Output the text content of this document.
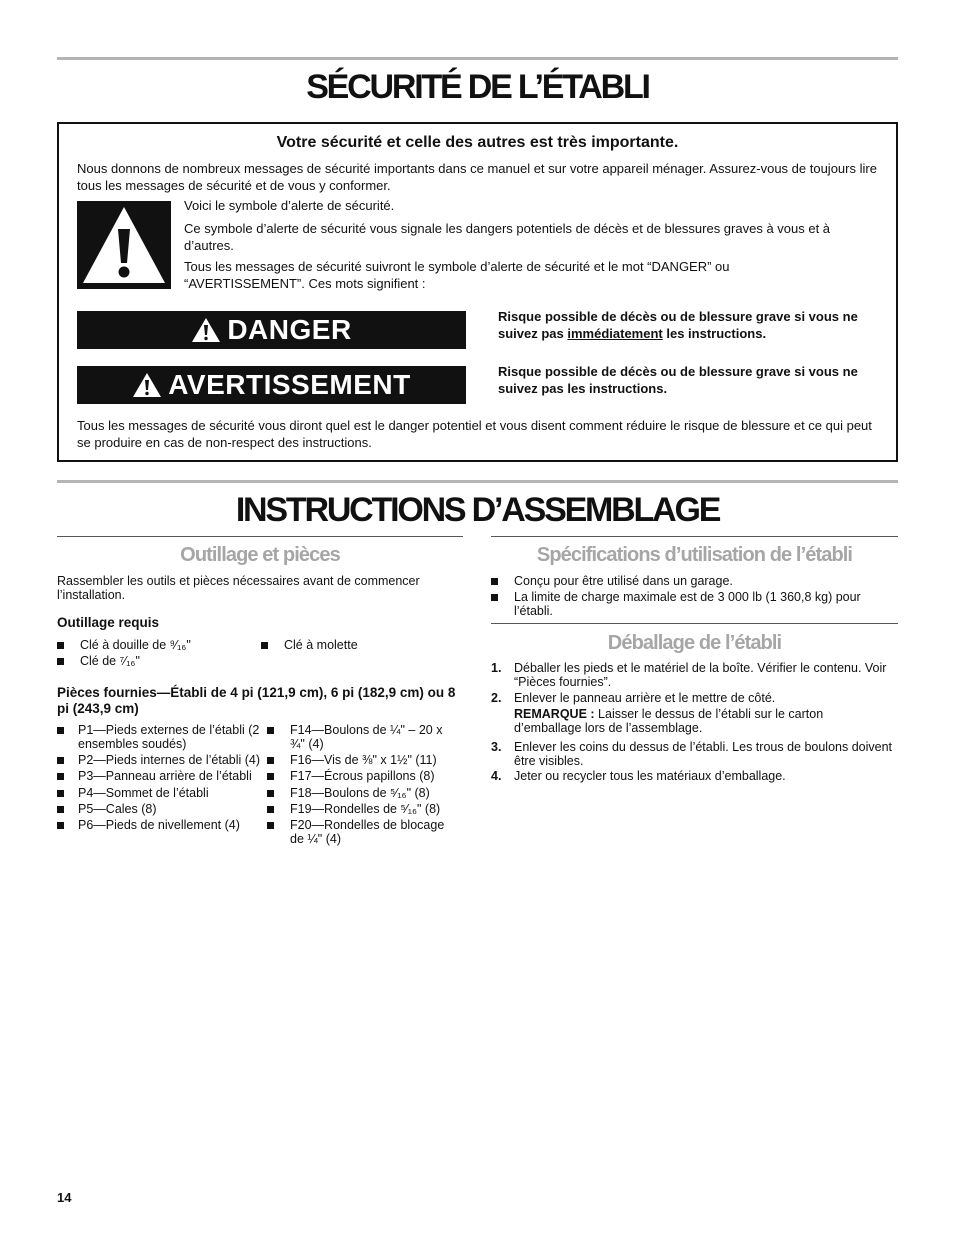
SÉCURITÉ DE L’ÉTABLI

Votre sécurité et celle des autres est très importante.

Nous donnons de nombreux messages de sécurité importants dans ce manuel et sur votre appareil ménager. Assurez-vous de toujours lire tous les messages de sécurité et de vous y conformer.

Voici le symbole d’alerte de sécurité.

Ce symbole d’alerte de sécurité vous signale les dangers potentiels de décès et de blessures graves à vous et à d’autres.

Tous les messages de sécurité suivront le symbole d’alerte de sécurité et le mot “DANGER” ou “AVERTISSEMENT”. Ces mots signifient :

DANGER	Risque possible de décès ou de blessure grave si vous ne suivez pas immédiatement les instructions.

AVERTISSEMENT	Risque possible de décès ou de blessure grave si vous ne suivez pas les instructions.

Tous les messages de sécurité vous diront quel est le danger potentiel et vous disent comment réduire le risque de blessure et ce qui peut se produire en cas de non-respect des instructions.

INSTRUCTIONS D’ASSEMBLAGE
Outillage et pièces

Rassembler les outils et pièces nécessaires avant de commencer l’installation.

Outillage requis

Clé à douille de ⁹⁄₁₆"
Clé de ⁷⁄₁₆"
Clé à molette

Pièces fournies—Établi de 4 pi (121,9 cm), 6 pi (182,9 cm) ou 8 pi (243,9 cm)

P1—Pieds externes de l’établi (2 ensembles soudés)
P2—Pieds internes de l’établi (4)
P3—Panneau arrière de l’établi
P4—Sommet de l’établi
P5—Cales (8)
P6—Pieds de nivellement (4)
F14—Boulons de ¼" – 20 x ¾" (4)
F16—Vis de ⅜" x 1½" (11)
F17—Écrous papillons (8)
F18—Boulons de ⁵⁄₁₆" (8)
F19—Rondelles de ⁵⁄₁₆" (8)
F20—Rondelles de blocage de ¼" (4)
Spécifications d’utilisation de l’établi
Conçu pour être utilisé dans un garage.
La limite de charge maximale est de 3 000 lb (1 360,8 kg) pour l’établi.
Déballage de l’établi
1. Déballer les pieds et le matériel de la boîte. Vérifier le contenu. Voir “Pièces fournies”.
2. Enlever le panneau arrière et le mettre de côté.

REMARQUE : Laisser le dessus de l’établi sur le carton d’emballage lors de l’assemblage.

3. Enlever les coins du dessus de l’établi. Les trous de boulons doivent être visibles.
4. Jeter ou recycler tous les matériaux d’emballage.
14
